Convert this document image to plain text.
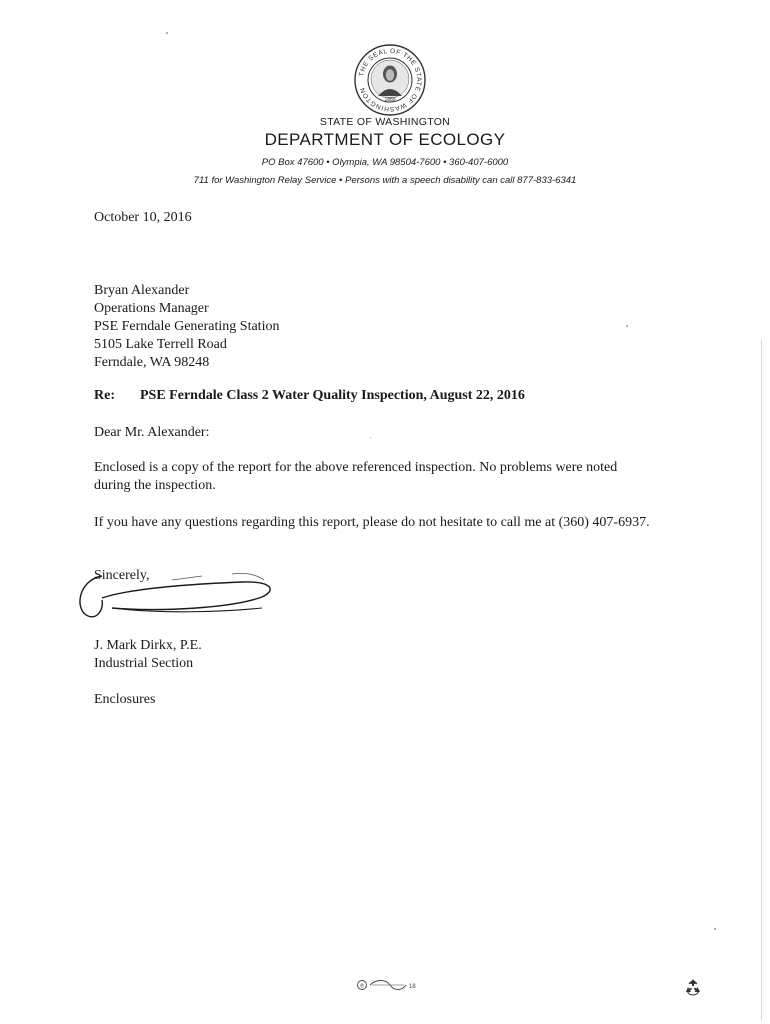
THE SEAL OF THE STATE OF WASHINGTON
1889
STATE OF WASHINGTON
DEPARTMENT OF ECOLOGY
PO Box 47600 • Olympia, WA 98504-7600 • 360-407-6000
711 for Washington Relay Service • Persons with a speech disability can call 877-833-6341
October 10, 2016
Bryan Alexander
Operations Manager
PSE Ferndale Generating Station
5105 Lake Terrell Road
Ferndale, WA 98248
Re: PSE Ferndale Class 2 Water Quality Inspection, August 22, 2016
Dear Mr. Alexander:
Enclosed is a copy of the report for the above referenced inspection. No problems were noted during the inspection.
If you have any questions regarding this report, please do not hesitate to call me at (360) 407-6937.
Sincerely,
J. Mark Dirkx, P.E.
Industrial Section
Enclosures
®	18
